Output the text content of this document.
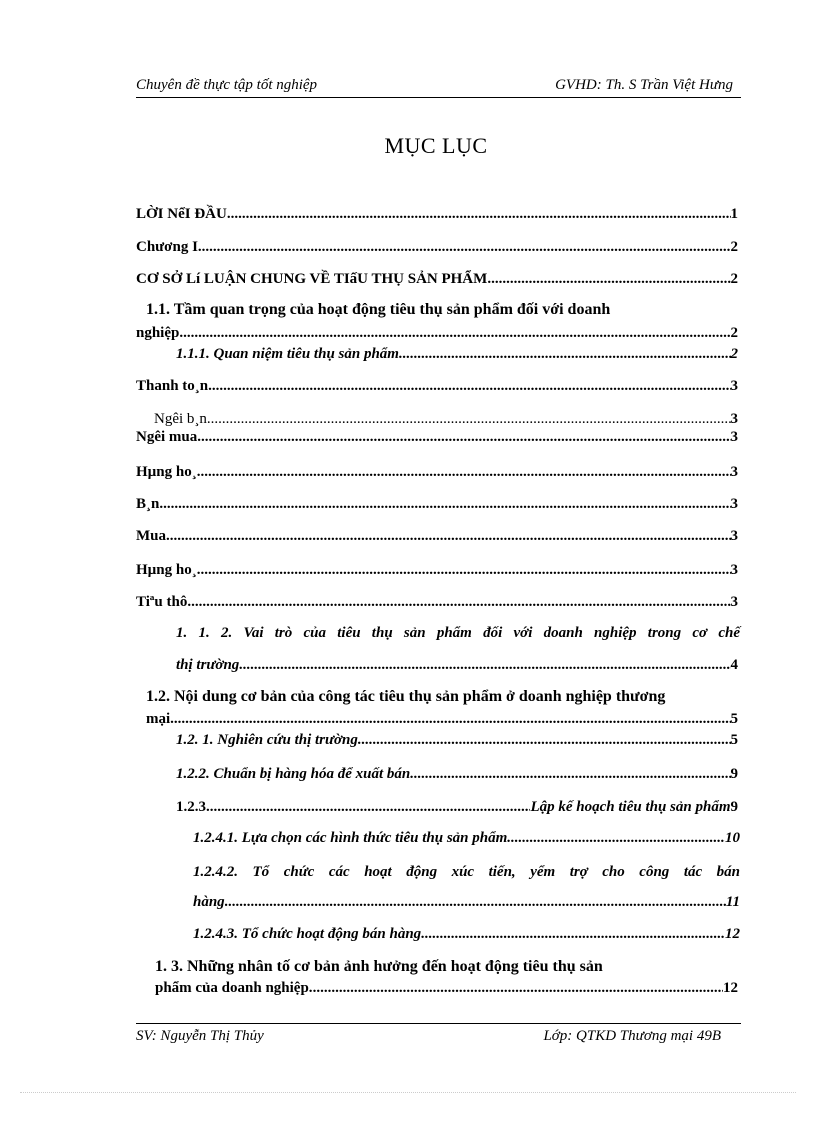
Chuyên đề thực tập tốt nghiệp	GVHD: Th. S Trần Việt Hưng
MỤC LỤC
LỜI NểI ĐẦU .....	1
Chương I .....	2
CƠ SỞ Lí LUẬN CHUNG VỀ TIấU THỤ SẢN PHẨM .....	2
1.1. Tầm quan trọng của hoạt động tiêu thụ sản phẩm đối với doanh
nghiệp .....	2
1.1.1. Quan niệm tiêu thụ sản phẩm .....	2
Thanh to¸n .....	3
Ngêi b¸n .....	3
Ngêi mua .....	3
Hµng ho¸ .....	3
B¸n .....	3
Mua .....	3
Hµng ho¸ .....	3
Tiªu thô .....	3
1. 1. 2. Vai trò của tiêu thụ sản phẩm đối với doanh nghiệp trong cơ chế
thị trường .....	4
1.2. Nội dung cơ bản của công tác tiêu thụ sản phẩm ở doanh nghiệp thương
mại .....	5
1.2. 1. Nghiên cứu thị trường .....	5
1.2.2. Chuẩn bị hàng hóa để xuất bán .....	9
1.2.3 .....	Lập kế hoạch tiêu thụ sản phẩm 9
1.2.4.1. Lựa chọn các hình thức tiêu thụ sản phẩm .....	10
1.2.4.2. Tổ chức các hoạt động xúc tiến, yểm trợ cho công tác bán
hàng .....	11
1.2.4.3. Tổ chức hoạt động bán hàng .....	12
1. 3. Những nhân tố cơ bản ảnh hưởng đến hoạt động tiêu thụ sản
phẩm của doanh nghiệp. .....	12
SV: Nguyễn Thị Thủy	Lớp: QTKD Thương mại 49B
